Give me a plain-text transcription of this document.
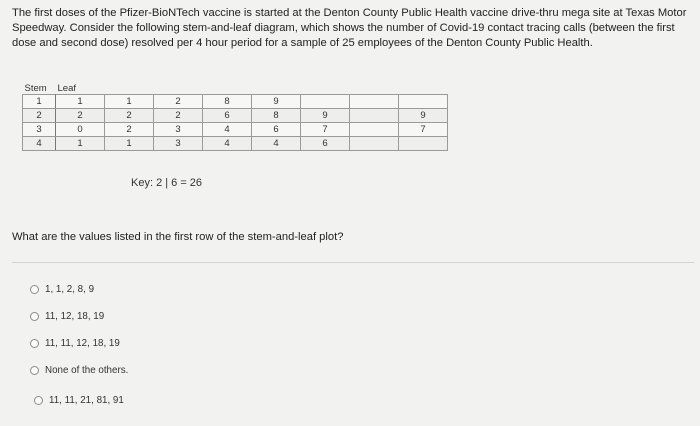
The first doses of the Pfizer-BioNTech vaccine is started at the Denton County Public Health vaccine drive-thru mega site at Texas Motor Speedway. Consider the following stem-and-leaf diagram, which shows the number of Covid-19 contact tracing calls (between the first dose and second dose) resolved per 4 hour period for a sample of 25 employees of the Denton County Public Health.
Stem	Leaf							
1	1	1	2	8	9			
2	2	2	2	6	8	9		9
3	0	2	3	4	6	7		7
4	1	1	3	4	4	6		
Key: 2 | 6 = 26
What are the values listed in the first row of the stem-and-leaf plot?
1, 1, 2, 8, 9
11, 12, 18, 19
11, 11, 12, 18, 19
None of the others.
11, 11, 21, 81, 91
